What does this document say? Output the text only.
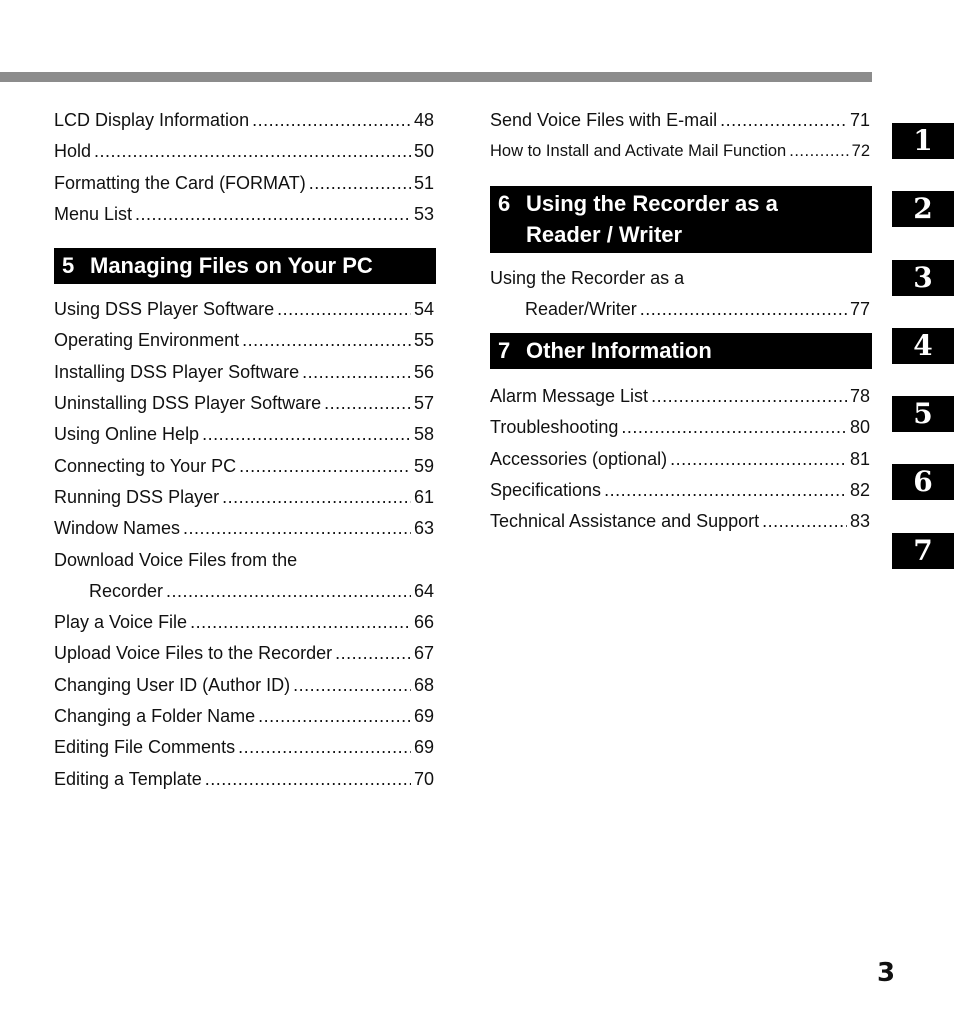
LCD Display Information .....	48
Hold .....	50
Formatting the Card (FORMAT) .....	51
Menu List .....	53
5 Managing Files on Your PC
Using DSS Player Software .....	54
Operating Environment .....	55
Installing DSS Player Software .....	56
Uninstalling DSS Player Software .....	57
Using Online Help .....	58
Connecting to Your PC .....	59
Running DSS Player .....	61
Window Names .....	63
Download Voice Files from the
Recorder .....	64
Play a Voice File .....	66
Upload Voice Files to the Recorder .....	67
Changing User ID (Author ID) .....	68
Changing a Folder Name .....	69
Editing File Comments .....	69
Editing a Template .....	70
Send Voice Files with E-mail .....	71
How to Install and Activate Mail Function .....	72
6 Using the Recorder as a Reader / Writer
Using the Recorder as a
Reader/Writer .....	77
7 Other Information
Alarm Message List .....	78
Troubleshooting .....	80
Accessories (optional) .....	81
Specifications .....	82
Technical Assistance and Support .....	83
1
2
3
4
5
6
7
3
